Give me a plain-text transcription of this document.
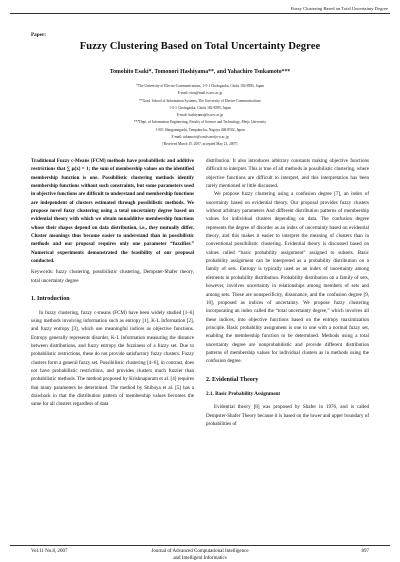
Fuzzy Clustering Based on Total Uncertainty Degree
Paper:
Fuzzy Clustering Based on Total Uncertainty Degree
Tomohito Esaki*, Tomonori Hashiyama**, and Yahachiro Tsukamoto***
*The University of Electro-Communications, 1-5-1 Chofugaoka, Chofu 182-8585, Japan
E-mail: eton@mail.is.uec.ac.jp
**Grad. School of Information Systems, The University of Electro-Communications
1-5-1 Chofugaoka, Chofu 182-8585, Japan
E-mail: hashiyama@is.uec.ac.jp
***Dept. of Information Engineering, Faculty of Science and Technology, Meijo University
1-501 Shiogamaguchi, Tempaku-ku, Nagoya 468-8502, Japan
E-mail: tukamoto@ccmfs.meijo-u.ac.jp
[Received March 15, 2007; accepted May 23, 2007]

Traditional Fuzzy c-Means (FCM) methods have probabilistic and additive restrictions that ∑ μ(x) = 1; the sum of membership values on the identified membership function is one. Possibilistic clustering methods identify membership functions without such constraints, but some parameters used in objective functions are difficult to understand and membership functions are independent of clusters estimated through possibilistic methods. We propose novel fuzzy clustering using a total uncertainty degree based on evidential theory with which we obtain nonadditive membership functions whose their shapes depend on data distribution, i.e., they mutually differ. Cluster meanings thus become easier to understand than in possibilistic methods and our proposal requires only one parameter “fuzzifier.” Numerical experiments demonstrated the feasibility of our proposal conducted.

Keywords: fuzzy clustering, possibilistic clustering, Dempster-Shafer theory, total uncertainty degree

1. Introduction

In fuzzy clustering, fuzzy c-means (FCM) have been widely studied [1–6] using methods involving information such as entropy [1], K-L Information [2], and fuzzy entropy [3], which use meaningful indices as objective functions. Entropy generally represents disorder, K-L Information measuring the distance between distributions, and fuzzy entropy the fuzziness of a fuzzy set. Due to probabilistic restrictions, these do not provide satisfactory fuzzy clusters. Fuzzy clusters form a general fuzzy set. Possibilistic clustering [4–6], in contrast, does not have probabilistic restrictions, and provides clusters much fuzzier than probabilistic methods. The method proposed by Krishnapuram et al. [4] requires that many parameters be determined. The method by Shibuya et al. [5] has a drawback in that the distribution pattern of membership values becomes the same for all clusters regardless of data

distribution. It also introduces arbitrary constants making objective functions difficult to interpret. This is true of all methods in possibilistic clustering, where objective functions are difficult to interpret, and this interpretation has been rarely mentioned or little discussed.

We propose fuzzy clustering using a confusion degree [7], an index of uncertainty based on evidential theory. Our proposal provides fuzzy clusters without arbitrary parameters And different distribution patterns of membership values for individual clusters depending on data. The confusion degree represents the degree of disorder as an index of uncertainty based on evidential theory, and this makes it easier to interpret the meaning of clusters than in conventional possibilistic clustering. Evidential theory is discussed based on values called “basic probability assignment” assigned to subsets. Basic probability assignment can be interpreted as a probability distribution on a family of sets. Entropy is typically used as an index of uncertainty among elements in probability distribution. Probability distribution on a family of sets, however, involves uncertainty in relationships among members of sets and among sets. These are nonspecificity, dissonance, and the confusion degree [9, 10], proposed as indices of uncertainty. We propose fuzzy clustering incorporating an index called the “total uncertainty degree,” which involves all these indices, into objective functions based on the entropy maximization principle. Basic probability assignment is one to one with a normal fuzzy set, enabling the membership function to be determined. Methods using a total uncertainty degree are nonprobabilistic and provide different distribution patterns of membership values for individual clusters as in methods using the confusion degree.

2. Evidential Theory

2.1. Basic Probability Assignment

Evidential theory [8] was proposed by Shafer in 1976, and is called Dempster-Shafer Theory because it is based on the lower and upper boundary of probabilities of

Vol.11 No.8, 2007	Journal of Advanced Computational Intelligence
and Intelligent Informatics
897
